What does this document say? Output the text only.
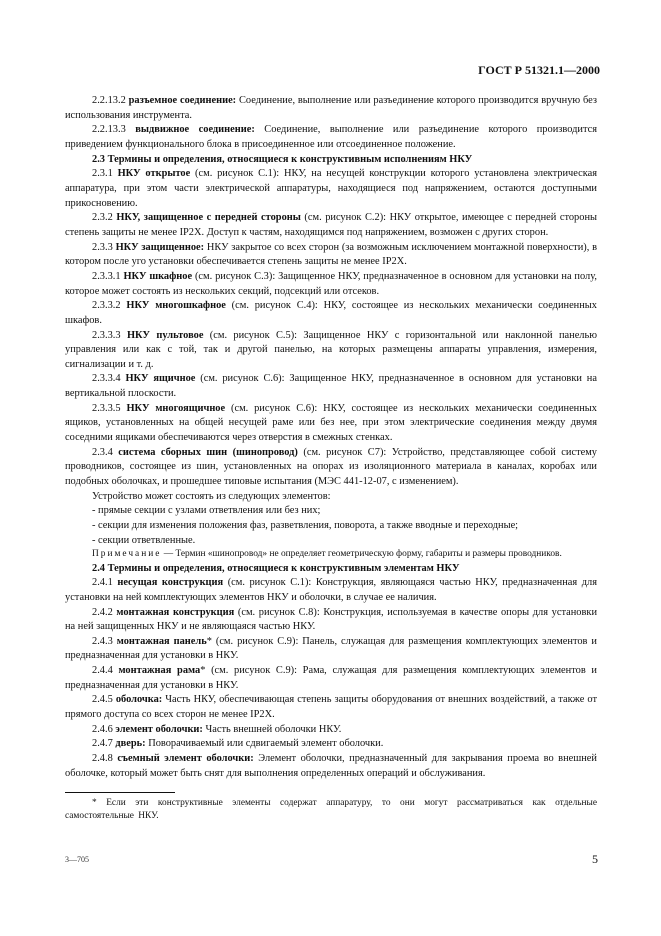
ГОСТ Р 51321.1—2000

2.2.13.2 разъемное соединение: Соединение, выполнение или разъединение которого производится вручную без использования инструмента.

2.2.13.3 выдвижное соединение: Соединение, выполнение или разъединение которого производится приведением функционального блока в присоединенное или отсоединенное положение.

2.3 Термины и определения, относящиеся к конструктивным исполнениям НКУ

2.3.1 НКУ открытое (см. рисунок С.1): НКУ, на несущей конструкции которого установлена электрическая аппаратура, при этом части электрической аппаратуры, находящиеся под напряжением, остаются доступными прикосновению.

2.3.2 НКУ, защищенное с передней стороны (см. рисунок С.2): НКУ открытое, имеющее с передней стороны степень защиты не менее IP2X. Доступ к частям, находящимся под напряжением, возможен с других сторон.

2.3.3 НКУ защищенное: НКУ закрытое со всех сторон (за возможным исключением монтажной поверхности), в котором после уго установки обеспечивается степень защиты не менее IP2X.

2.3.3.1 НКУ шкафное (см. рисунок С.3): Защищенное НКУ, предназначенное в основном для установки на полу, которое может состоять из нескольких секций, подсекций или отсеков.

2.3.3.2 НКУ многошкафное (см. рисунок С.4): НКУ, состоящее из нескольких механически соединенных шкафов.

2.3.3.3 НКУ пультовое (см. рисунок С.5): Защищенное НКУ с горизонтальной или наклонной панелью управления или как с той, так и другой панелью, на которых размещены аппараты управления, измерения, сигнализации и т. д.

2.3.3.4 НКУ ящичное (см. рисунок С.6): Защищенное НКУ, предназначенное в основном для установки на вертикальной плоскости.

2.3.3.5 НКУ многоящичное (см. рисунок С.6): НКУ, состоящее из нескольких механически соединенных ящиков, установленных на общей несущей раме или без нее, при этом электрические соединения между двумя соседними ящиками обеспечиваются через отверстия в смежных стенках.

2.3.4 система сборных шин (шинопровод) (см. рисунок С7): Устройство, представляющее собой систему проводников, состоящее из шин, установленных на опорах из изоляционного материала в каналах, коробах или подобных оболочках, и прошедшее типовые испытания (МЭС 441-12-07, с изменением).

Устройство может состоять из следующих элементов:

- прямые секции с узлами ответвления или без них;

- секции для изменения положения фаз, разветвления, поворота, а также вводные и переходные;

- секции ответвленные.

Примечание — Термин «шинопровод» не определяет геометрическую форму, габариты и размеры проводников.

2.4 Термины и определения, относящиеся к конструктивным элементам НКУ

2.4.1 несущая конструкция (см. рисунок С.1): Конструкция, являющаяся частью НКУ, предназначенная для установки на ней комплектующих элементов НКУ и оболочки, в случае ее наличия.

2.4.2 монтажная конструкция (см. рисунок С.8): Конструкция, используемая в качестве опоры для установки на ней защищенных НКУ и не являющаяся частью НКУ.

2.4.3 монтажная панель* (см. рисунок С.9): Панель, служащая для размещения комплектующих элементов и предназначенная для установки в НКУ.

2.4.4 монтажная рама* (см. рисунок С.9): Рама, служащая для размещения комплектующих элементов и предназначенная для установки в НКУ.

2.4.5 оболочка: Часть НКУ, обеспечивающая степень защиты оборудования от внешних воздействий, а также от прямого доступа со всех сторон не менее IP2X.

2.4.6 элемент оболочки: Часть внешней оболочки НКУ.

2.4.7 дверь: Поворачиваемый или сдвигаемый элемент оболочки.

2.4.8 съемный элемент оболочки: Элемент оболочки, предназначенный для закрывания проема во внешней оболочке, который может быть снят для выполнения определенных операций и обслуживания.

* Если эти конструктивные элементы содержат аппаратуру, то они могут рассматриваться как отдельные самостоятельные НКУ.

3—705	5
